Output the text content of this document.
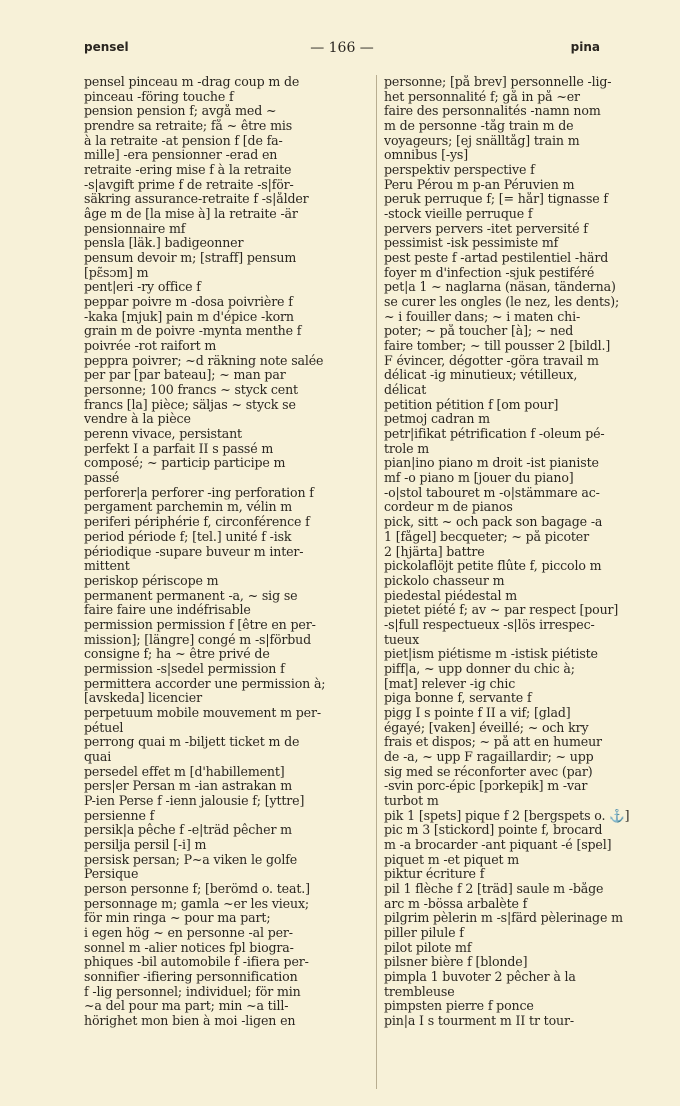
pensel	— 166 —	pina
pensel pinceau m -drag coup m de
pinceau -föring touche f
pension pension f; avgå med ~
prendre sa retraite; få ~ être mis
à la retraite -at pension f [de fa-
mille] -era pensionner -erad en
retraite -ering mise f à la retraite
-s|avgift prime f de retraite -s|för-
säkring assurance-retraite f -s|ålder
âge m de [la mise à] la retraite -är
pensionnaire mf
pensla [läk.] badigeonner
pensum devoir m; [straff] pensum
[pɛ̃sɔm] m
pent|eri -ry office f
peppar poivre m -dosa poivrière f
-kaka [mjuk] pain m d'épice -korn
grain m de poivre -mynta menthe f
poivrée -rot raifort m
peppra poivrer; ~d räkning note salée
per par [par bateau]; ~ man par
personne; 100 francs ~ styck cent
francs [la] pièce; säljas ~ styck se
vendre à la pièce
perenn vivace, persistant
perfekt I a parfait II s passé m
composé; ~ particip participe m
passé
perforer|a perforer -ing perforation f
pergament parchemin m, vélin m
periferi périphérie f, circonférence f
period période f; [tel.] unité f -isk
périodique -supare buveur m inter-
mittent
periskop périscope m
permanent permanent -a, ~ sig se
faire faire une indéfrisable
permission permission f [être en per-
mission]; [längre] congé m -s|förbud
consigne f; ha ~ être privé de
permission -s|sedel permission f
permittera accorder une permission à;
[avskeda] licencier
perpetuum mobile mouvement m per-
pétuel
perrong quai m -biljett ticket m de
quai
persedel effet m [d'habillement]
pers|er Persan m -ian astrakan m
P-ien Perse f -ienn jalousie f; [yttre]
persienne f
persik|a pêche f -e|träd pêcher m
persilja persil [-i] m
persisk persan; P~a viken le golfe
Persique
person personne f; [berömd o. teat.]
personnage m; gamla ~er les vieux;
för min ringa ~ pour ma part;
i egen hög ~ en personne -al per-
sonnel m -alier notices fpl biogra-
phiques -bil automobile f -ifiera per-
sonnifier -ifiering personnification
f -lig personnel; individuel; för min
~a del pour ma part; min ~a till-
hörighet mon bien à moi -ligen en
personne; [på brev] personnelle -lig-
het personnalité f; gå in på ~er
faire des personnalités -namn nom
m de personne -tåg train m de
voyageurs; [ej snälltåg] train m
omnibus [-ys]
perspektiv perspective f
Peru Pérou m p-an Péruvien m
peruk perruque f; [= hår] tignasse f
-stock vieille perruque f
pervers pervers -itet perversité f
pessimist -isk pessimiste mf
pest peste f -artad pestilentiel -härd
foyer m d'infection -sjuk pestiféré
pet|a 1 ~ naglarna (näsan, tänderna)
se curer les ongles (le nez, les dents);
~ i fouiller dans; ~ i maten chi-
poter; ~ på toucher [à]; ~ ned
faire tomber; ~ till pousser 2 [bildl.]
F évincer, dégotter -göra travail m
délicat -ig minutieux; vétilleux,
délicat
petition pétition f [om pour]
petmoj cadran m
petr|ifikat pétrification f -oleum pé-
trole m
pian|ino piano m droit -ist pianiste
mf -o piano m [jouer du piano]
-o|stol tabouret m -o|stämmare ac-
cordeur m de pianos
pick, sitt ~ och pack son bagage -a
1 [fågel] becqueter; ~ på picoter
2 [hjärta] battre
pickolaflöjt petite flûte f, piccolo m
pickolo chasseur m
piedestal piédestal m
pietet piété f; av ~ par respect [pour]
-s|full respectueux -s|lös irrespec-
tueux
piet|ism piétisme m -istisk piétiste
piff|a, ~ upp donner du chic à;
[mat] relever -ig chic
piga bonne f, servante f
pigg I s pointe f II a vif; [glad]
égayé; [vaken] éveillé; ~ och kry
frais et dispos; ~ på att en humeur
de -a, ~ upp F ragaillardir; ~ upp
sig med se réconforter avec (par)
-svin porc-épic [pɔrkepik] m -var
turbot m
pik 1 [spets] pique f 2 [bergspets o. ⚓]
pic m 3 [stickord] pointe f, brocard
m -a brocarder -ant piquant -é [spel]
piquet m -et piquet m
piktur écriture f
pil 1 flèche f 2 [träd] saule m -båge
arc m -bössa arbalète f
pilgrim pèlerin m -s|färd pèlerinage m
piller pilule f
pilot pilote mf
pilsner bière f [blonde]
pimpla 1 buvoter 2 pêcher à la
trembleuse
pimpsten pierre f ponce
pin|a I s tourment m II tr tour-
